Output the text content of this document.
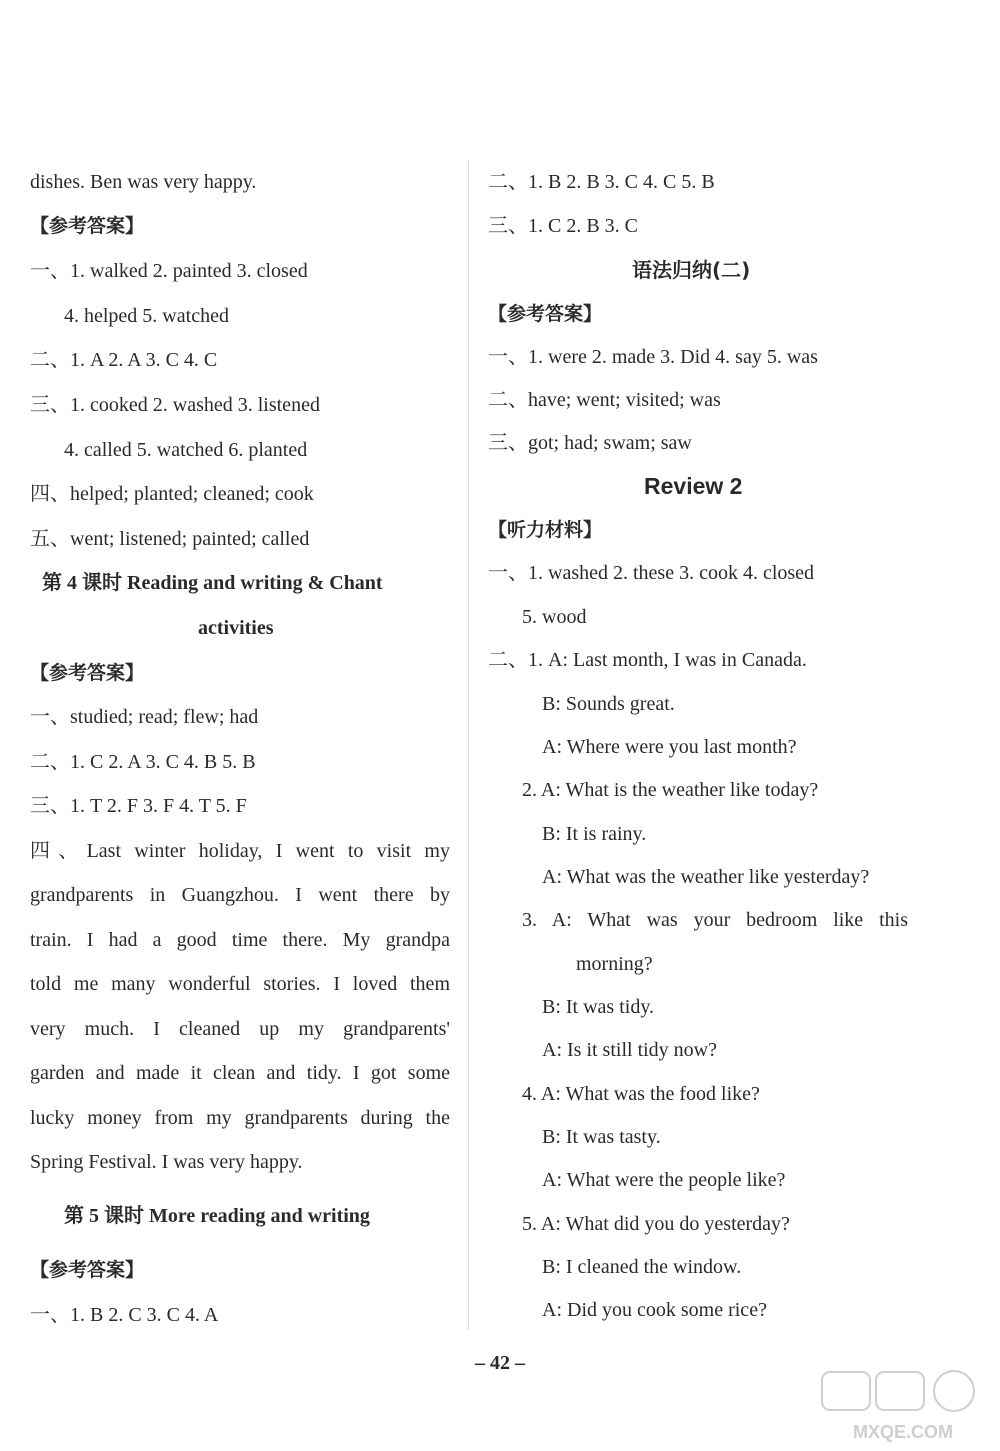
dishes. Ben was very happy.
【参考答案】
一、1. walked 2. painted 3. closed
4. helped 5. watched
二、1. A 2. A 3. C 4. C
三、1. cooked 2. washed 3. listened
4. called 5. watched 6. planted
四、helped; planted; cleaned; cook
五、went; listened; painted; called
第 4 课时 Reading and writing & Chant
activities
【参考答案】
一、studied; read; flew; had
二、1. C 2. A 3. C 4. B 5. B
三、1. T 2. F 3. F 4. T 5. F
四、Last winter holiday, I went to visit my
grandparents in Guangzhou. I went there by
train. I had a good time there. My grandpa
told me many wonderful stories. I loved them
very much. I cleaned up my grandparents'
garden and made it clean and tidy. I got some
lucky money from my grandparents during the
Spring Festival. I was very happy.
第 5 课时 More reading and writing
【参考答案】
一、1. B 2. C 3. C 4. A
二、1. B 2. B 3. C 4. C 5. B
三、1. C 2. B 3. C
语法归纳(二)
【参考答案】
一、1. were 2. made 3. Did 4. say 5. was
二、have; went; visited; was
三、got; had; swam; saw
Review 2
【听力材料】
一、1. washed 2. these 3. cook 4. closed
5. wood
二、1. A: Last month, I was in Canada.
B: Sounds great.
A: Where were you last month?
2. A: What is the weather like today?
B: It is rainy.
A: What was the weather like yesterday?
3. A: What was your bedroom like this
morning?
B: It was tidy.
A: Is it still tidy now?
4. A: What was the food like?
B: It was tasty.
A: What were the people like?
5. A: What did you do yesterday?
B: I cleaned the window.
A: Did you cook some rice?
– 42 –
MXQE.COM
